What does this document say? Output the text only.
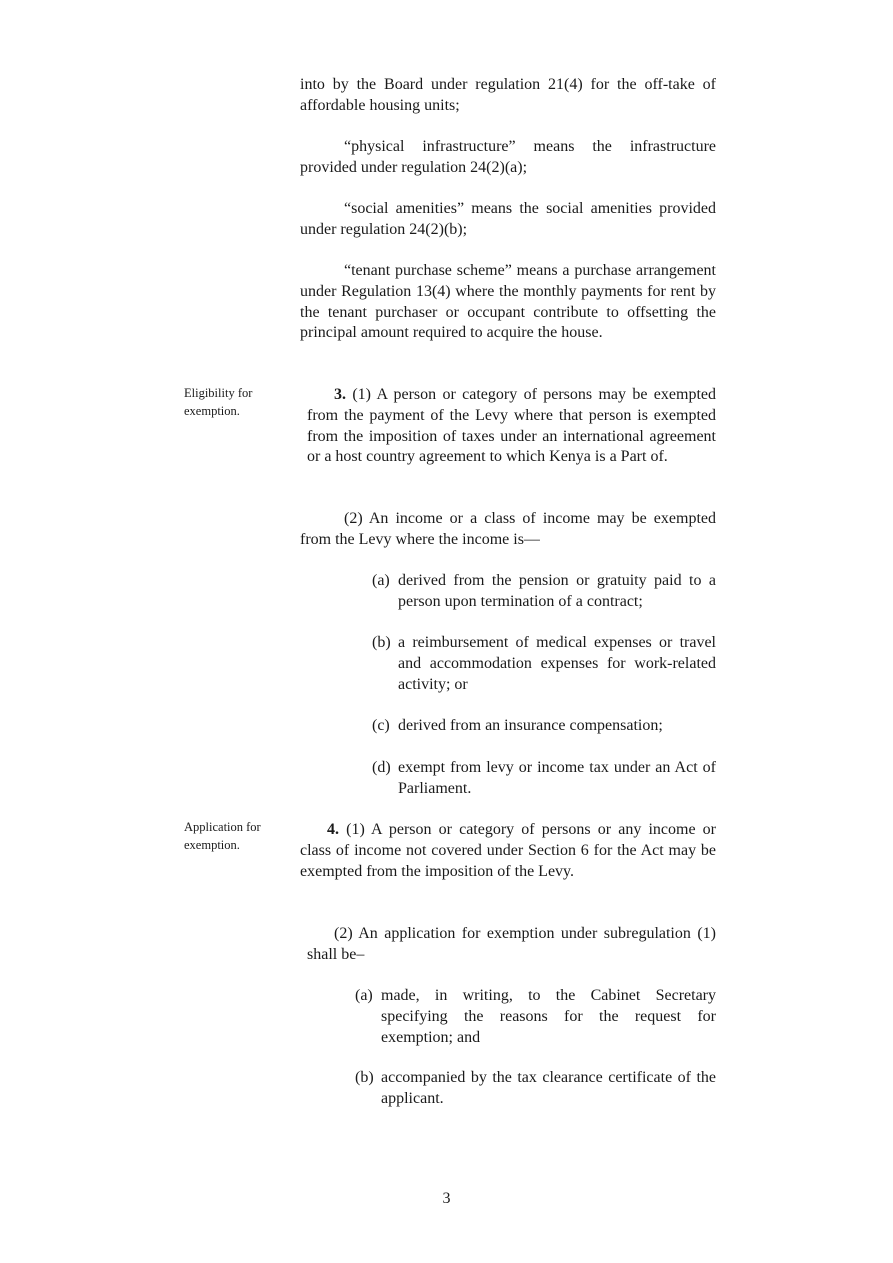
into by the Board under regulation 21(4) for the off-take of affordable housing units;

“physical infrastructure” means the infrastructure provided under regulation 24(2)(a);

“social amenities” means the social amenities provided under regulation 24(2)(b);

“tenant purchase scheme” means a purchase arrangement under Regulation 13(4) where the monthly payments for rent by the tenant purchaser or occupant contribute to offsetting the principal amount required to acquire the house.

3. (1) A person or category of persons may be exempted from the payment of the Levy where that person is exempted from the imposition of taxes under an international agreement or a host country agreement to which Kenya is a Part of.

(2) An income or a class of income may be exempted from the Levy where the income is—

(a) derived from the pension or gratuity paid to a person upon termination of a contract;
(b) a reimbursement of medical expenses or travel and accommodation expenses for work-related activity; or
(c) derived from an insurance compensation;
(d) exempt from levy or income tax under an Act of Parliament.

4. (1) A person or category of persons or any income or class of income not covered under Section 6 for the Act may be exempted from the imposition of the Levy.

(2) An application for exemption under subregulation (1) shall be–

(a) made, in writing, to the Cabinet Secretary specifying the reasons for the request for exemption; and
(b) accompanied by the tax clearance certificate of the applicant.
Eligibility for exemption.
Application for exemption.
3
